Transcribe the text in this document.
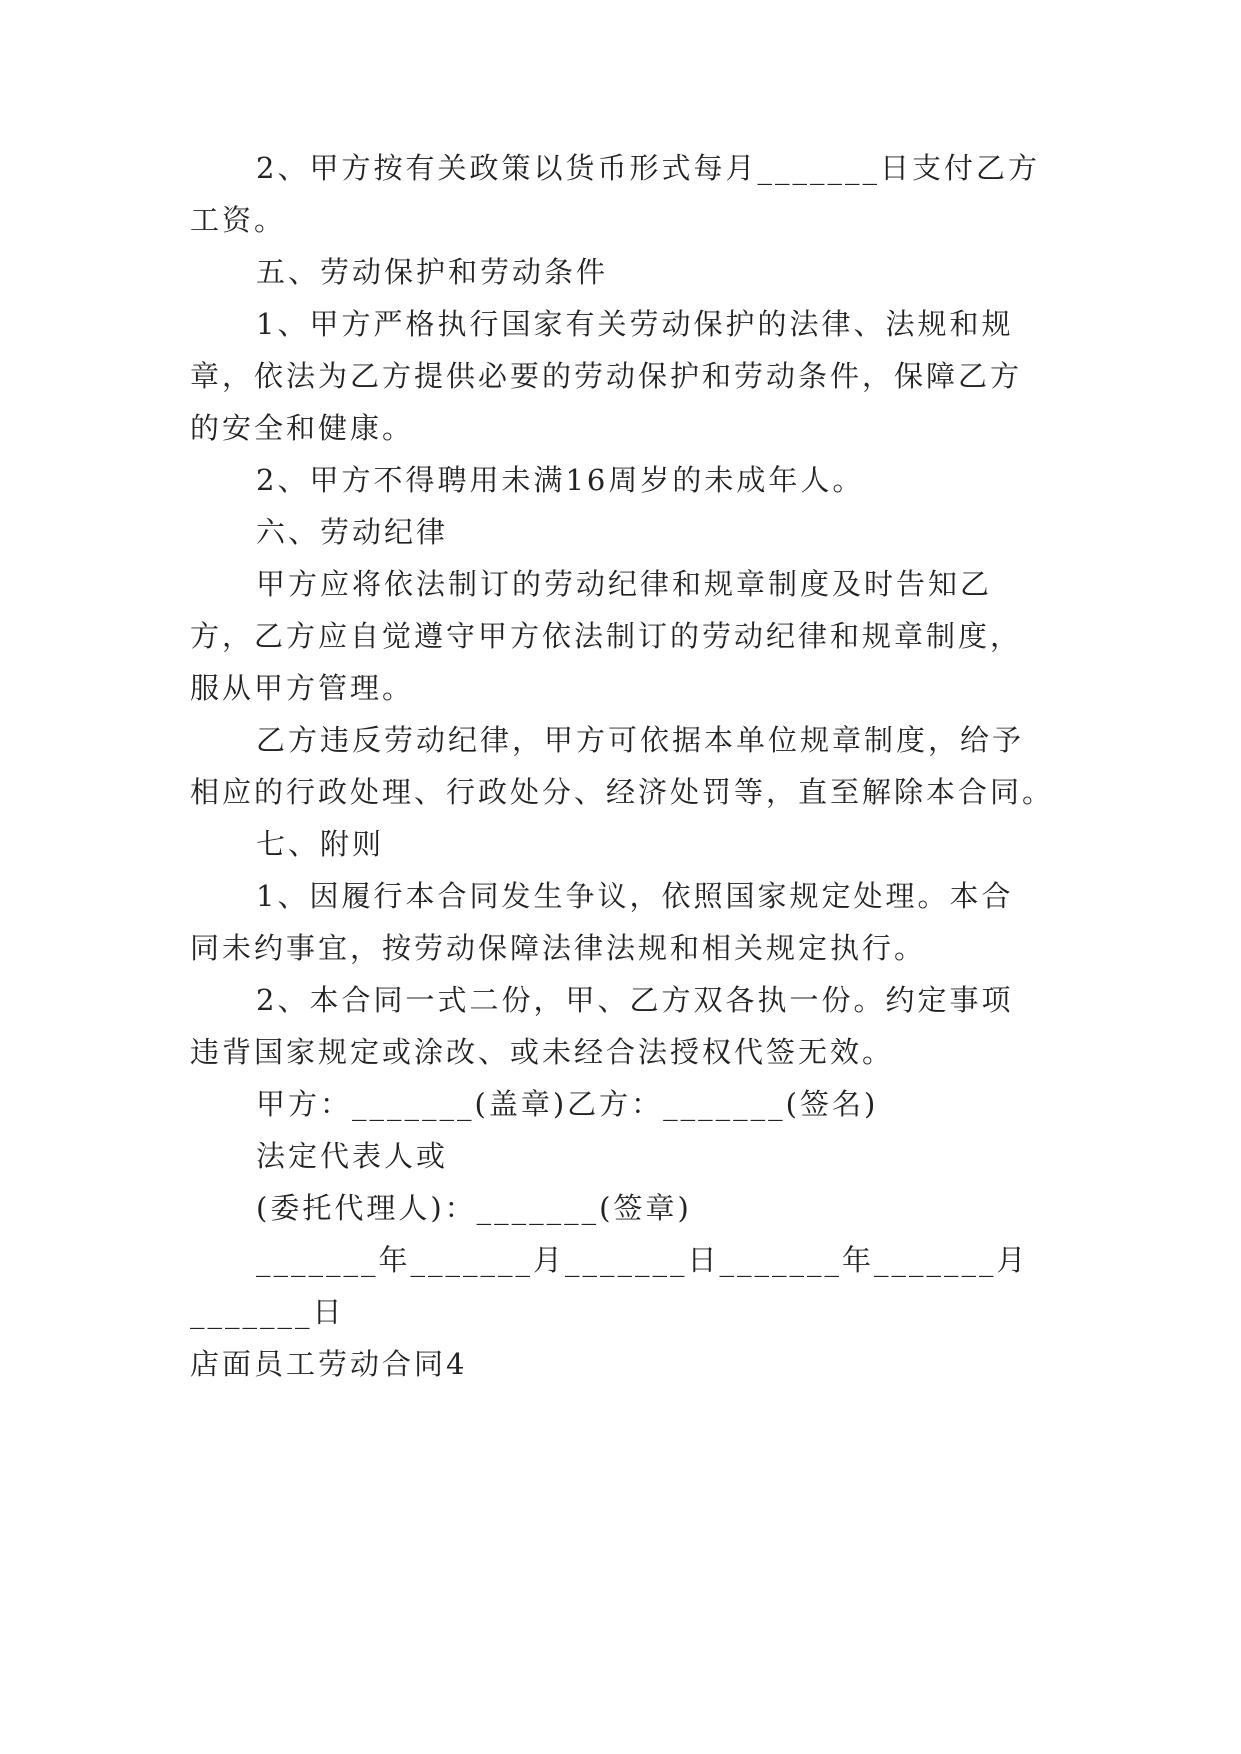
2、甲方按有关政策以货币形式每月_______日支付乙方
工资。
五、劳动保护和劳动条件
1、甲方严格执行国家有关劳动保护的法律、法规和规
章，依法为乙方提供必要的劳动保护和劳动条件，保障乙方
的安全和健康。
2、甲方不得聘用未满16周岁的未成年人。
六、劳动纪律
甲方应将依法制订的劳动纪律和规章制度及时告知乙
方，乙方应自觉遵守甲方依法制订的劳动纪律和规章制度，
服从甲方管理。
乙方违反劳动纪律，甲方可依据本单位规章制度，给予
相应的行政处理、行政处分、经济处罚等，直至解除本合同。
七、附则
1、因履行本合同发生争议，依照国家规定处理。本合
同未约事宜，按劳动保障法律法规和相关规定执行。
2、本合同一式二份，甲、乙方双各执一份。约定事项
违背国家规定或涂改、或未经合法授权代签无效。
甲方：_______(盖章)乙方：_______(签名)
法定代表人或
(委托代理人)：_______(签章)
_______年_______月_______日_______年_______月
_______日
店面员工劳动合同4
